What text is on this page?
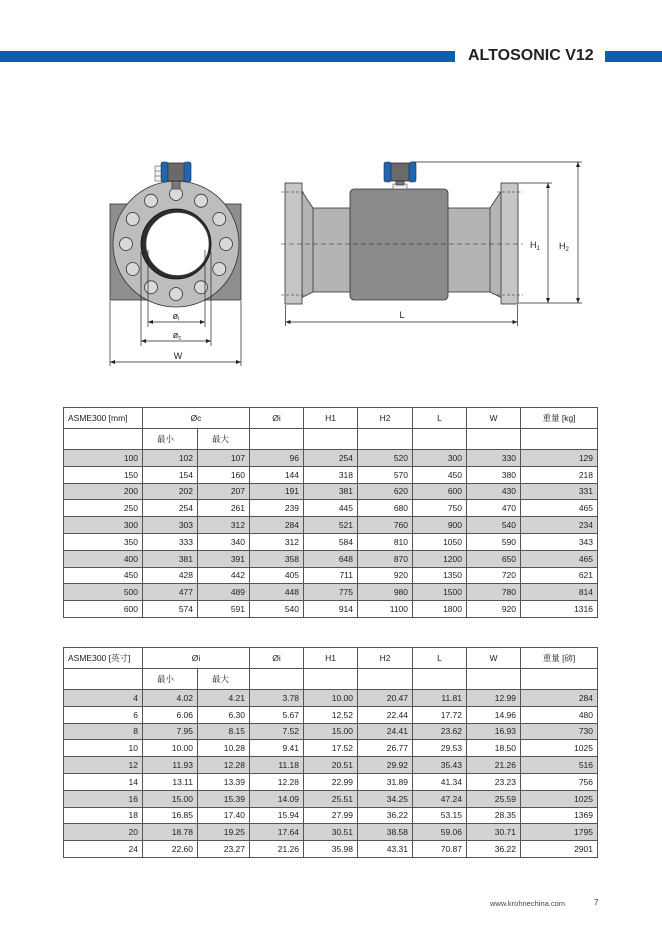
ALTOSONIC V12
øi
øc
W
$H_1$ $H_2$
L
ASME300 [mm]	Øc		Øi	H1	H2	L	W	重量 [kg]
	最小	最大						
100	102	107	96	254	520	300	330	129
150	154	160	144	318	570	450	380	218
200	202	207	191	381	620	600	430	331
250	254	261	239	445	680	750	470	465
300	303	312	284	521	760	900	540	234
350	333	340	312	584	810	1050	590	343
400	381	391	358	648	870	1200	650	465
450	428	442	405	711	920	1350	720	621
500	477	489	448	775	980	1500	780	814
600	574	591	540	914	1100	1800	920	1316
ASME300 [英寸]	Øi		Øi	H1	H2	L	W	重量 [磅]
	最小	最大						
4	4.02	4.21	3.78	10.00	20.47	11.81	12.99	284
6	6.06	6.30	5.67	12.52	22.44	17.72	14.96	480
8	7.95	8.15	7.52	15.00	24.41	23.62	16.93	730
10	10.00	10.28	9.41	17.52	26.77	29.53	18.50	1025
12	11.93	12.28	11.18	20.51	29.92	35.43	21.26	516
14	13.11	13.39	12.28	22.99	31.89	41.34	23.23	756
16	15.00	15.39	14.09	25.51	34.25	47.24	25.59	1025
18	16.85	17.40	15.94	27.99	36.22	53.15	28.35	1369
20	18.78	19.25	17.64	30.51	38.58	59.06	30.71	1795
24	22.60	23.27	21.26	35.98	43.31	70.87	36.22	2901
www.krohnechina.com	7
